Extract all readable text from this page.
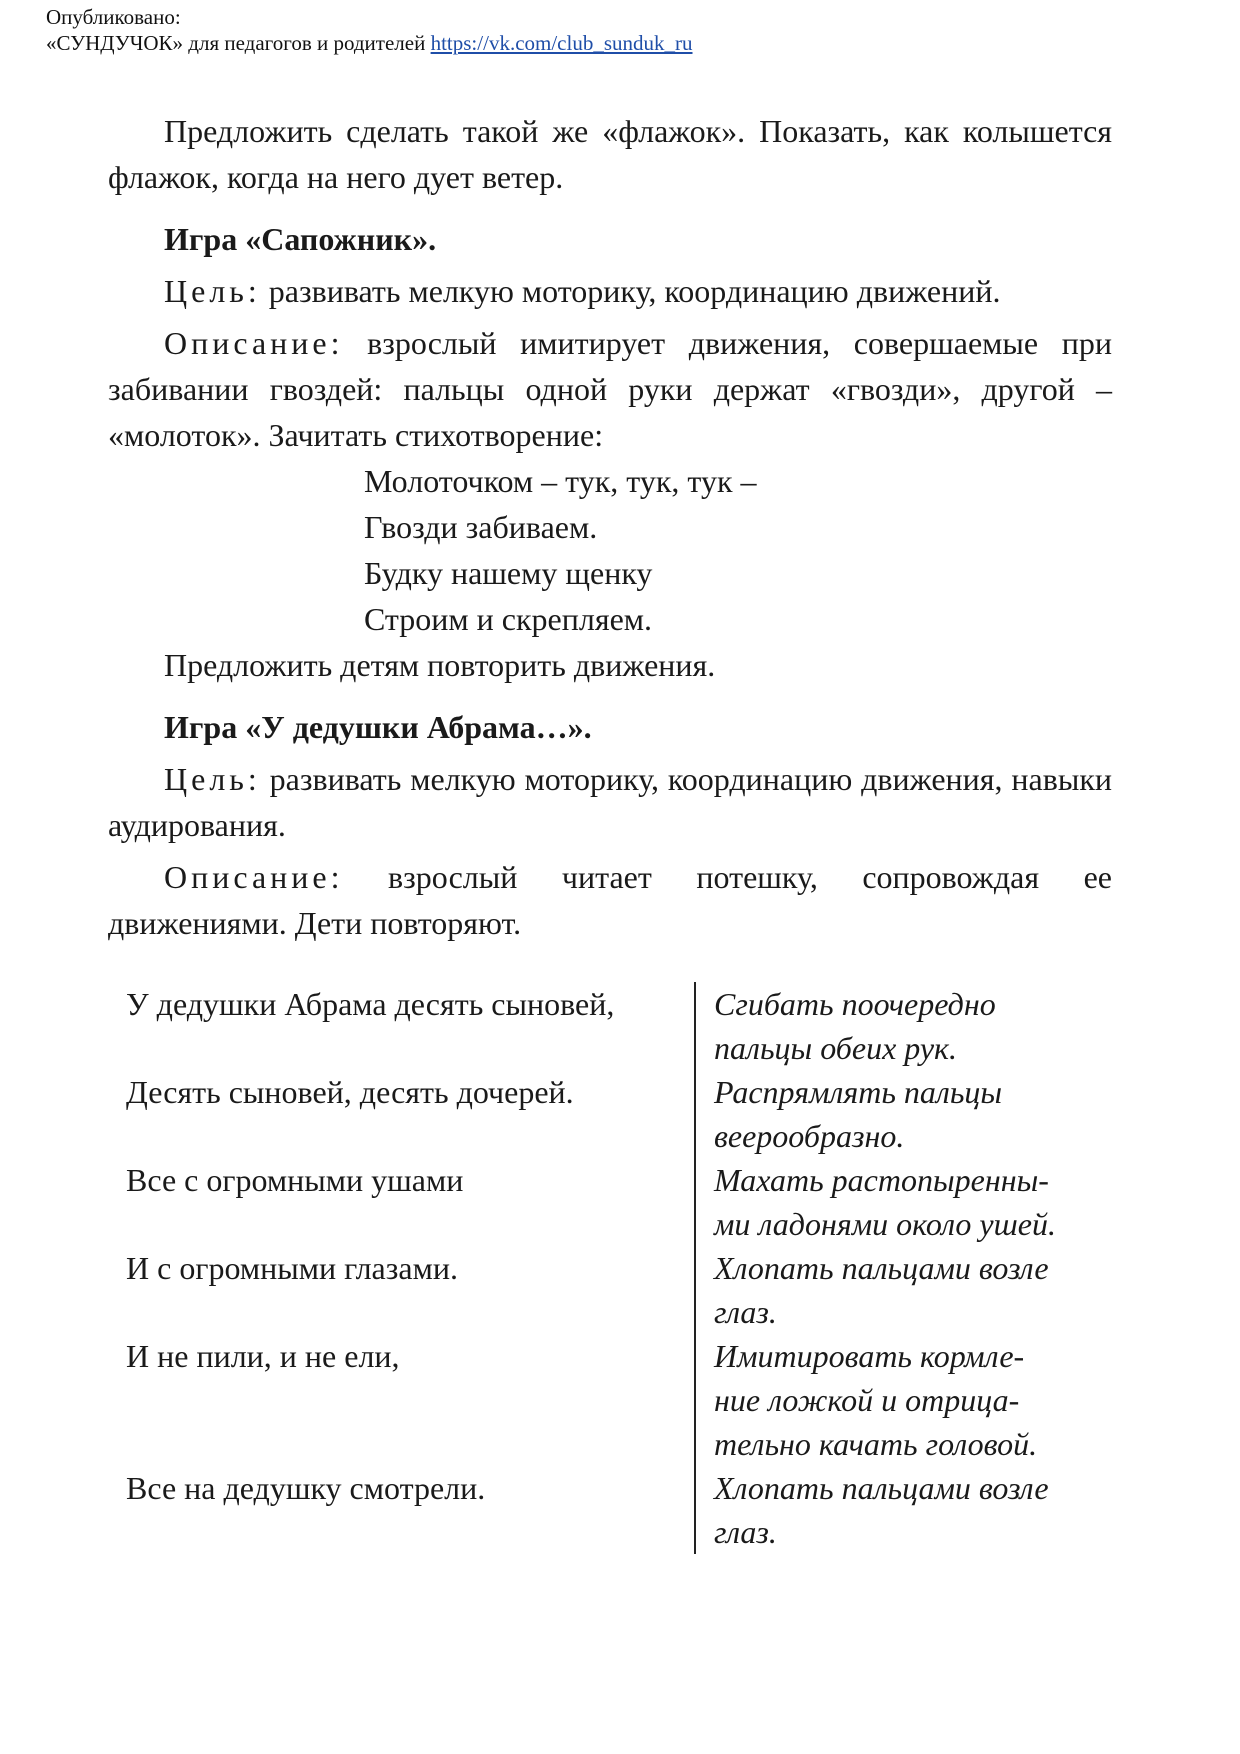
Опубликовано:
«СУНДУЧОК» для педагогов и родителей https://vk.com/club_sunduk_ru

Предложить сделать такой же «флажок». Показать, как колышется флажок, когда на него дует ветер.

Игра «Сапожник».

Цель: развивать мелкую моторику, координацию движений.

Описание: взрослый имитирует движения, совершаемые при забивании гвоздей: пальцы одной руки держат «гвозди», другой – «молоток». Зачитать стихотворение:

Молоточком – тук, тук, тук –
Гвозди забиваем.
Будку нашему щенку
Строим и скрепляем.

Предложить детям повторить движения.

Игра «У дедушки Абрама…».

Цель: развивать мелкую моторику, координацию движения, навыки аудирования.

Описание: взрослый читает потешку, сопровождая ее движениями. Дети повторяют.

У дедушки Абрама десять сыновей,	Сгибать поочередно
пальцы обеих рук.
Десять сыновей, десять дочерей.	Распрямлять пальцы
веерообразно.
Все с огромными ушами	Махать растопыренны-
ми ладонями около ушей.
И с огромными глазами.	Хлопать пальцами возле
глаз.
И не пили, и не ели,	Имитировать кормле-
ние ложкой и отрица-
тельно качать головой.
Все на дедушку смотрели.	Хлопать пальцами возле
глаз.
